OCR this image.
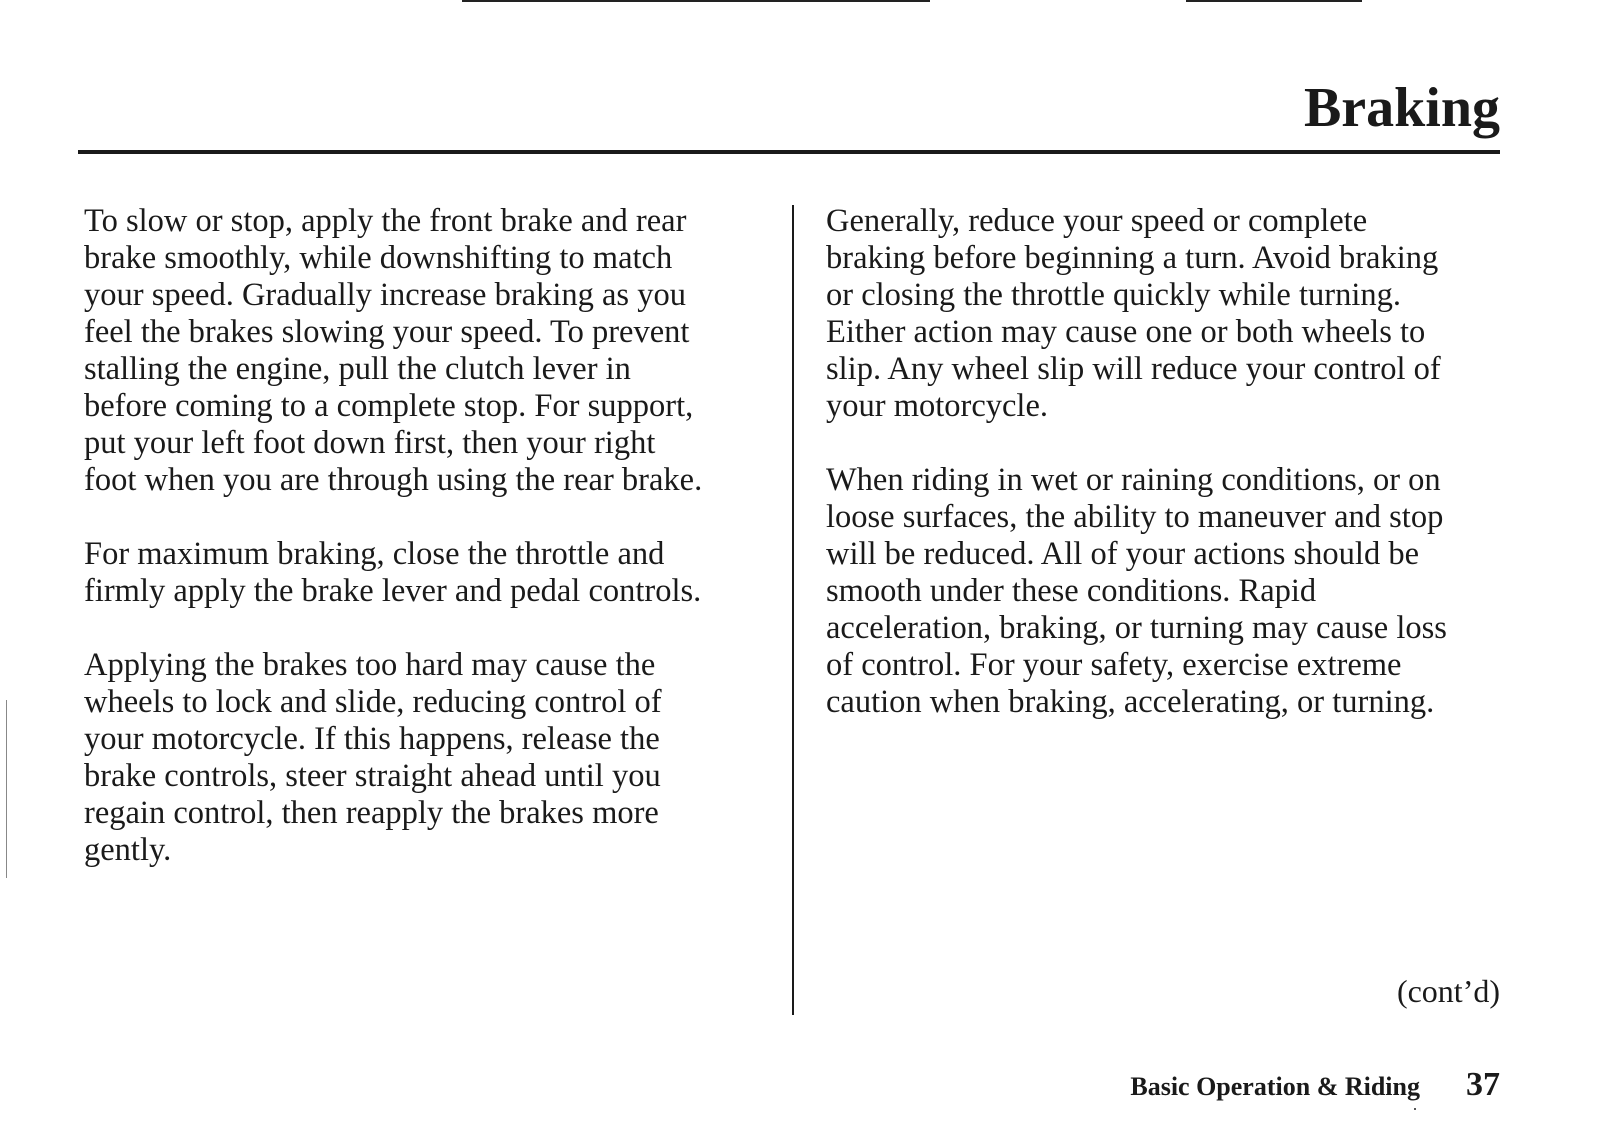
Braking

To slow or stop, apply the front brake and rear
brake smoothly, while downshifting to match
your speed. Gradually increase braking as you
feel the brakes slowing your speed. To prevent
stalling the engine, pull the clutch lever in
before coming to a complete stop. For support,
put your left foot down first, then your right
foot when you are through using the rear brake.

For maximum braking, close the throttle and
firmly apply the brake lever and pedal controls.

Applying the brakes too hard may cause the
wheels to lock and slide, reducing control of
your motorcycle. If this happens, release the
brake controls, steer straight ahead until you
regain control, then reapply the brakes more
gently.

Generally, reduce your speed or complete
braking before beginning a turn. Avoid braking
or closing the throttle quickly while turning.
Either action may cause one or both wheels to
slip. Any wheel slip will reduce your control of
your motorcycle.

When riding in wet or raining conditions, or on
loose surfaces, the ability to maneuver and stop
will be reduced. All of your actions should be
smooth under these conditions. Rapid
acceleration, braking, or turning may cause loss
of control. For your safety, exercise extreme
caution when braking, accelerating, or turning.

(cont’d)
Basic Operation & Riding 37
